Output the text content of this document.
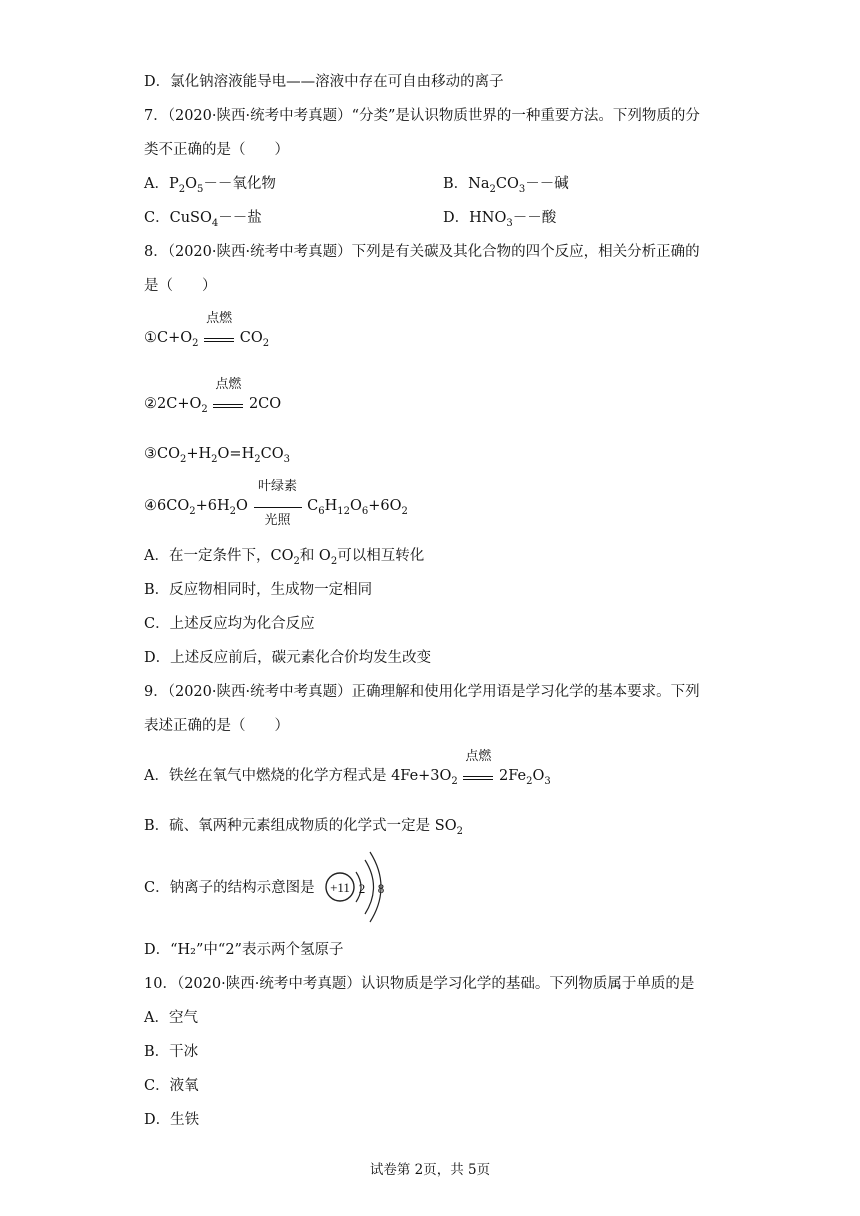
D．氯化钠溶液能导电——溶液中存在可自由移动的离子
7．（2020·陕西·统考中考真题）“分类”是认识物质世界的一种重要方法。下列物质的分
类不正确的是（　　）
A．$P_2O_5--$氧化物	B．$Na_2CO_3--$碱
C．CuSO$_4$－－盐	D．$HNO_3--$酸
8．（2020·陕西·统考中考真题）下列是有关碳及其化合物的四个反应，相关分析正确的
是（　　）
$①C+O_2$
点燃
$CO_2$
$②2C+O_2$
点燃
2CO
$③CO_2+H_2O=H_2CO_3$
$④6CO_2+6H_2O$
叶绿素
光照
$C_6H_{12}O_6+6O_2$
A．在一定条件下，$CO_2$和 $O_2$可以相互转化
B．反应物相同时，生成物一定相同
C．上述反应均为化合反应
D．上述反应前后，碳元素化合价均发生改变
9．（2020·陕西·统考中考真题）正确理解和使用化学用语是学习化学的基本要求。下列
表述正确的是（　　）
A．铁丝在氧气中燃烧的化学方程式是 $4Fe+3O_2$
点燃
$2Fe_2O_3$
B．硫、氧两种元素组成物质的化学式一定是 $SO_2$
C．钠离子的结构示意图是 +11 2 8
D．“H₂”中“2”表示两个氢原子
10．（2020·陕西·统考中考真题）认识物质是学习化学的基础。下列物质属于单质的是
A．空气
B．干冰
C．液氧
D．生铁
试卷第 2页，共 5页
